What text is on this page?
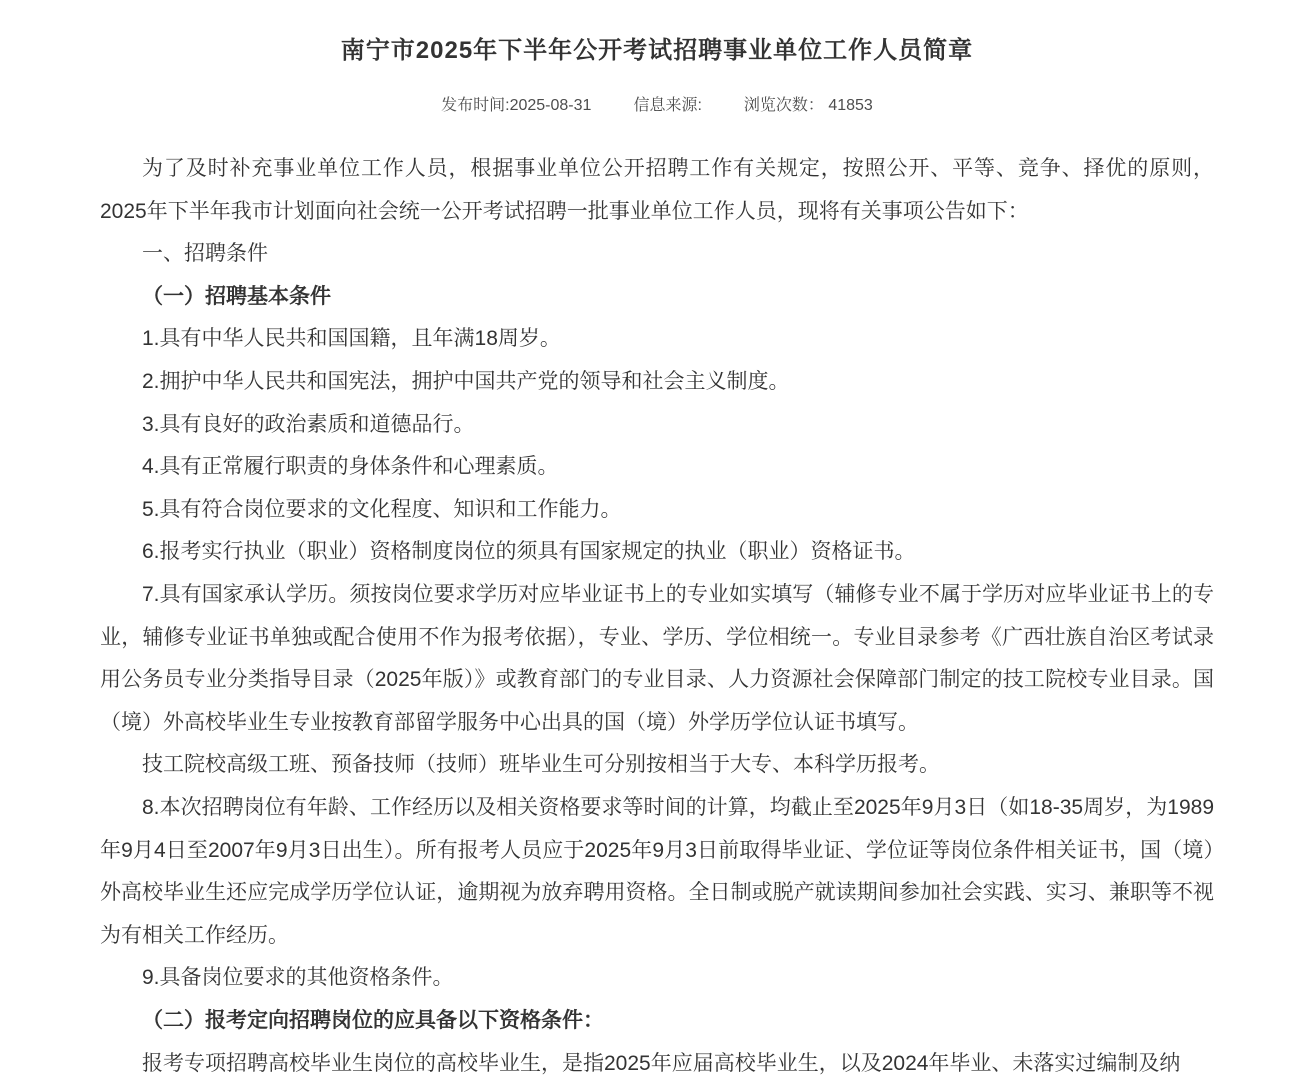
南宁市2025年下半年公开考试招聘事业单位工作人员简章
发布时间:2025-08-31	信息来源:	浏览次数： 41853

为了及时补充事业单位工作人员，根据事业单位公开招聘工作有关规定，按照公开、平等、竞争、择优的原则，2025年下半年我市计划面向社会统一公开考试招聘一批事业单位工作人员，现将有关事项公告如下：

一、招聘条件

（一）招聘基本条件

1.具有中华人民共和国国籍，且年满18周岁。

2.拥护中华人民共和国宪法，拥护中国共产党的领导和社会主义制度。

3.具有良好的政治素质和道德品行。

4.具有正常履行职责的身体条件和心理素质。

5.具有符合岗位要求的文化程度、知识和工作能力。

6.报考实行执业（职业）资格制度岗位的须具有国家规定的执业（职业）资格证书。

7.具有国家承认学历。须按岗位要求学历对应毕业证书上的专业如实填写（辅修专业不属于学历对应毕业证书上的专业，辅修专业证书单独或配合使用不作为报考依据），专业、学历、学位相统一。专业目录参考《广西壮族自治区考试录用公务员专业分类指导目录（2025年版）》或教育部门的专业目录、人力资源社会保障部门制定的技工院校专业目录。国（境）外高校毕业生专业按教育部留学服务中心出具的国（境）外学历学位认证书填写。

技工院校高级工班、预备技师（技师）班毕业生可分别按相当于大专、本科学历报考。

8.本次招聘岗位有年龄、工作经历以及相关资格要求等时间的计算，均截止至2025年9月3日（如18-35周岁，为1989年9月4日至2007年9月3日出生）。所有报考人员应于2025年9月3日前取得毕业证、学位证等岗位条件相关证书，国（境）外高校毕业生还应完成学历学位认证，逾期视为放弃聘用资格。全日制或脱产就读期间参加社会实践、实习、兼职等不视为有相关工作经历。

9.具备岗位要求的其他资格条件。

（二）报考定向招聘岗位的应具备以下资格条件：

报考专项招聘高校毕业生岗位的高校毕业生，是指2025年应届高校毕业生，以及2024年毕业、未落实过编制及纳
